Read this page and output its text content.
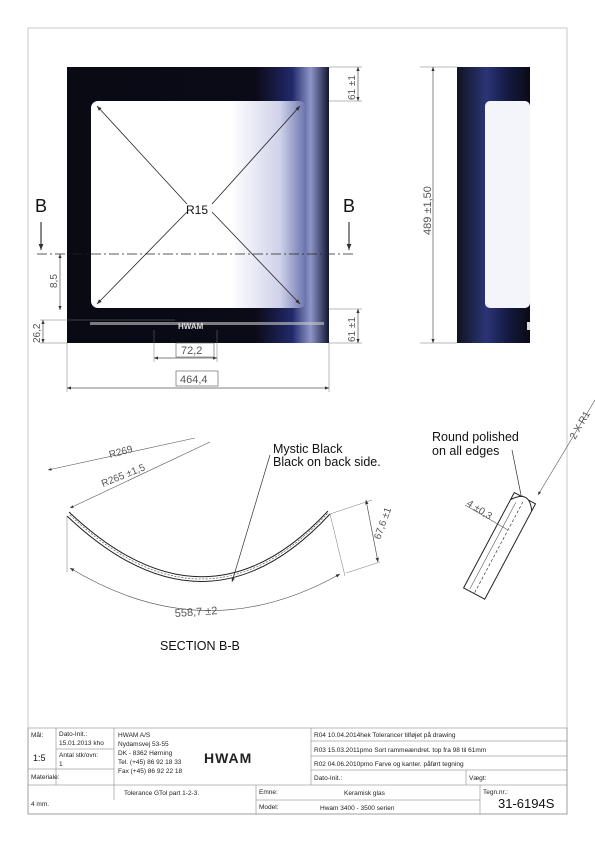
R15
B	B
HWAM
61 ±1
61 ±1
8,5
26,2
72,2
464,4
489 ±1,50
R269
R265 ±1,5
558,7 ±2
67,6 ±1
Mystic Black
Black on back side.
SECTION B-B
Round polished
on all edges
2 X R1
4 ±0,3
Mål:
1:5
Dato-Init.:
15.01.2013 kho
Antal stk/ovn:
1
Materiale:
4 mm.
HWAM A/S
Nydamsvej 53-55
DK - 8362 Hørning
Tel. (+45) 86 92 18 33
Fax (+45) 86 92 22 18
HWAM
Tolerance GTol part 1-2-3.	Emne:	Keramisk glas
Model:	Hwam 3400 - 3500 serien
R04 10.04.2014hek Tolerancer tilføjet på drawing
R03 15.03.2011pmo Sort rammeændret. top fra 98 til 61mm
R02 04.06.2010pmo Farve og kanter. påført tegning
Dato-Init.:	Vægt:
Tegn.nr.:
31-6194S
